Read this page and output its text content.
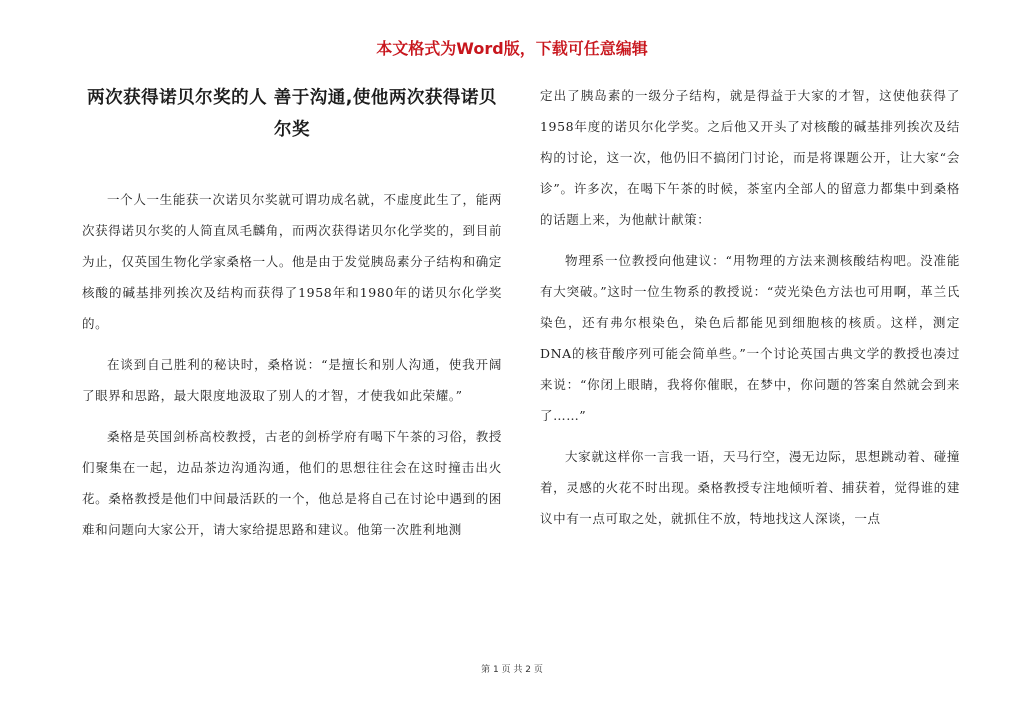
本文格式为Word版，下载可任意编辑
两次获得诺贝尔奖的人 善于沟通,使他两次获得诺贝尔奖

一个人一生能获一次诺贝尔奖就可谓功成名就，不虚度此生了，能两次获得诺贝尔奖的人简直凤毛麟角，而两次获得诺贝尔化学奖的，到目前为止，仅英国生物化学家桑格一人。他是由于发觉胰岛素分子结构和确定核酸的碱基排列挨次及结构而获得了1958年和1980年的诺贝尔化学奖的。

在谈到自己胜利的秘诀时，桑格说：“是擅长和别人沟通，使我开阔了眼界和思路，最大限度地汲取了别人的才智，才使我如此荣耀。”

桑格是英国剑桥高校教授，古老的剑桥学府有喝下午茶的习俗，教授们聚集在一起，边品茶边沟通沟通，他们的思想往往会在这时撞击出火花。桑格教授是他们中间最活跃的一个，他总是将自己在讨论中遇到的困难和问题向大家公开，请大家给提思路和建议。他第一次胜利地测

定出了胰岛素的一级分子结构，就是得益于大家的才智，这使他获得了1958年度的诺贝尔化学奖。之后他又开头了对核酸的碱基排列挨次及结构的讨论，这一次，他仍旧不搞闭门讨论，而是将课题公开，让大家“会诊”。许多次，在喝下午茶的时候，茶室内全部人的留意力都集中到桑格的话题上来，为他献计献策：

物理系一位教授向他建议：“用物理的方法来测核酸结构吧。没准能有大突破。”这时一位生物系的教授说：“荧光染色方法也可用啊，革兰氏染色，还有弗尔根染色，染色后都能见到细胞核的核质。这样，测定DNA的核苷酸序列可能会简单些。”一个讨论英国古典文学的教授也凑过来说：“你闭上眼睛，我将你催眠，在梦中，你问题的答案自然就会到来了……”

大家就这样你一言我一语，天马行空，漫无边际，思想跳动着、碰撞着，灵感的火花不时出现。桑格教授专注地倾听着、捕获着，觉得谁的建议中有一点可取之处，就抓住不放，特地找这人深谈，一点

第 1 页 共 2 页
